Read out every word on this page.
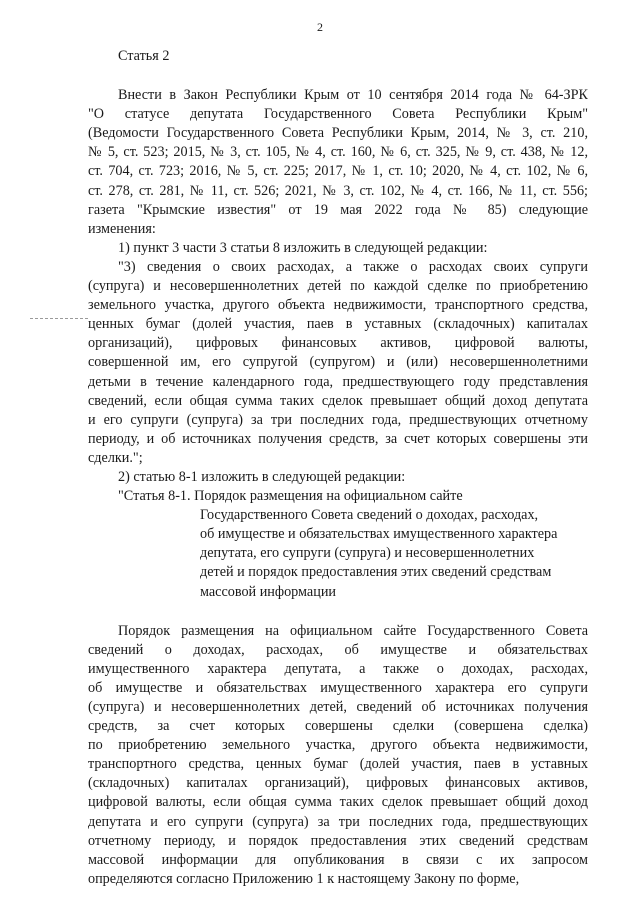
2

Статья 2

Внести в Закон Республики Крым от 10 сентября 2014 года № 64-ЗРК

"О статусе депутата Государственного Совета Республики Крым"

(Ведомости Государственного Совета Республики Крым, 2014, № 3, ст. 210,

№ 5, ст. 523; 2015, № 3, ст. 105, № 4, ст. 160, № 6, ст. 325, № 9, ст. 438, № 12,

ст. 704, ст. 723; 2016, № 5, ст. 225; 2017, № 1, ст. 10; 2020, № 4, ст. 102, № 6,

ст. 278, ст. 281, № 11, ст. 526; 2021, № 3, ст. 102, № 4, ст. 166, № 11, ст. 556;

газета "Крымские известия" от 19 мая 2022 года № 85) следующие

изменения:

1) пункт 3 части 3 статьи 8 изложить в следующей редакции:

"3) сведения о своих расходах, а также о расходах своих супруги

(супруга) и несовершеннолетних детей по каждой сделке по приобретению

земельного участка, другого объекта недвижимости, транспортного средства,

ценных бумаг (долей участия, паев в уставных (складочных) капиталах

организаций), цифровых финансовых активов, цифровой валюты,

совершенной им, его супругой (супругом) и (или) несовершеннолетними

детьми в течение календарного года, предшествующего году представления

сведений, если общая сумма таких сделок превышает общий доход депутата

и его супруги (супруга) за три последних года, предшествующих отчетному

периоду, и об источниках получения средств, за счет которых совершены эти

сделки.";

2) статью 8-1 изложить в следующей редакции:

"Статья 8-1. Порядок размещения на официальном сайте

Государственного Совета сведений о доходах, расходах,

об имуществе и обязательствах имущественного характера

депутата, его супруги (супруга) и несовершеннолетних

детей и порядок предоставления этих сведений средствам

массовой информации

Порядок размещения на официальном сайте Государственного Совета

сведений о доходах, расходах, об имуществе и обязательствах

имущественного характера депутата, а также о доходах, расходах,

об имуществе и обязательствах имущественного характера его супруги

(супруга) и несовершеннолетних детей, сведений об источниках получения

средств, за счет которых совершены сделки (совершена сделка)

по приобретению земельного участка, другого объекта недвижимости,

транспортного средства, ценных бумаг (долей участия, паев в уставных

(складочных) капиталах организаций), цифровых финансовых активов,

цифровой валюты, если общая сумма таких сделок превышает общий доход

депутата и его супруги (супруга) за три последних года, предшествующих

отчетному периоду, и порядок предоставления этих сведений средствам

массовой информации для опубликования в связи с их запросом

определяются согласно Приложению 1 к настоящему Закону по форме,
